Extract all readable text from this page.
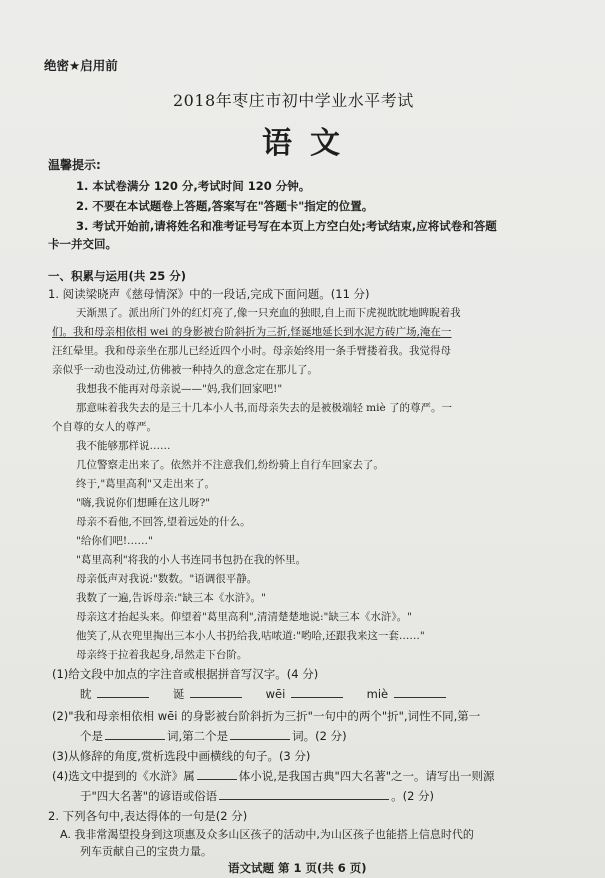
绝密★启用前
2018年枣庄市初中学业水平考试
语文
温馨提示:
1. 本试卷满分 120 分,考试时间 120 分钟。
2. 不要在本试题卷上答题,答案写在"答题卡"指定的位置。
3. 考试开始前,请将姓名和准考证号写在本页上方空白处;考试结束,应将试卷和答题
卡一并交回。
一、积累与运用(共 25 分)
1. 阅读梁晓声《慈母情深》中的一段话,完成下面问题。(11 分)
天渐黑了。派出所门外的红灯亮了,像一只充血的独眼,自上而下虎视眈眈地睥睨着我
们。我和母亲相依相 wei 的身影被台阶斜折为三折,怪诞地延长到水泥方砖广场,淹在一
汪红晕里。我和母亲坐在那儿已经近四个小时。母亲始终用一条手臂搂着我。我觉得母
亲似乎一动也没动过,仿佛被一种持久的意念定在那儿了。
我想我不能再对母亲说——"妈,我们回家吧!"
那意味着我失去的是三十几本小人书,而母亲失去的是被极端轻 miè 了的尊严。一
个自尊的女人的尊严。
我不能够那样说……
几位警察走出来了。依然并不注意我们,纷纷骑上自行车回家去了。
终于,"葛里高利"又走出来了。
"嗨,我说你们想睡在这儿呀?"
母亲不看他,不回答,望着远处的什么。
"给你们吧!……"
"葛里高利"将我的小人书连同书包扔在我的怀里。
母亲低声对我说:"数数。"语调很平静。
我数了一遍,告诉母亲:"缺三本《水浒》。"
母亲这才抬起头来。仰望着"葛里高利",清清楚楚地说:"缺三本《水浒》。"
他笑了,从衣兜里掏出三本小人书扔给我,咕哝道:"哟哈,还跟我来这一套……"
母亲终于拉着我起身,昂然走下台阶。
(1)给文段中加点的字注音或根据拼音写汉字。(4 分)
眈	诞	wēi	miè
(2)"我和母亲相依相 wēi 的身影被台阶斜折为三折"一句中的两个"折",词性不同,第一
个是	词,第二个是	词。(2 分)
(3)从修辞的角度,赏析选段中画横线的句子。(3 分)
(4)选文中提到的《水浒》属	体小说,是我国古典"四大名著"之一。请写出一则源
于"四大名著"的谚语或俗语	。(2 分)
2. 下列各句中,表达得体的一句是(2 分)
A. 我非常渴望投身到这项惠及众多山区孩子的活动中,为山区孩子也能搭上信息时代的
列车贡献自己的宝贵力量。
语文试题 第 1 页(共 6 页)
